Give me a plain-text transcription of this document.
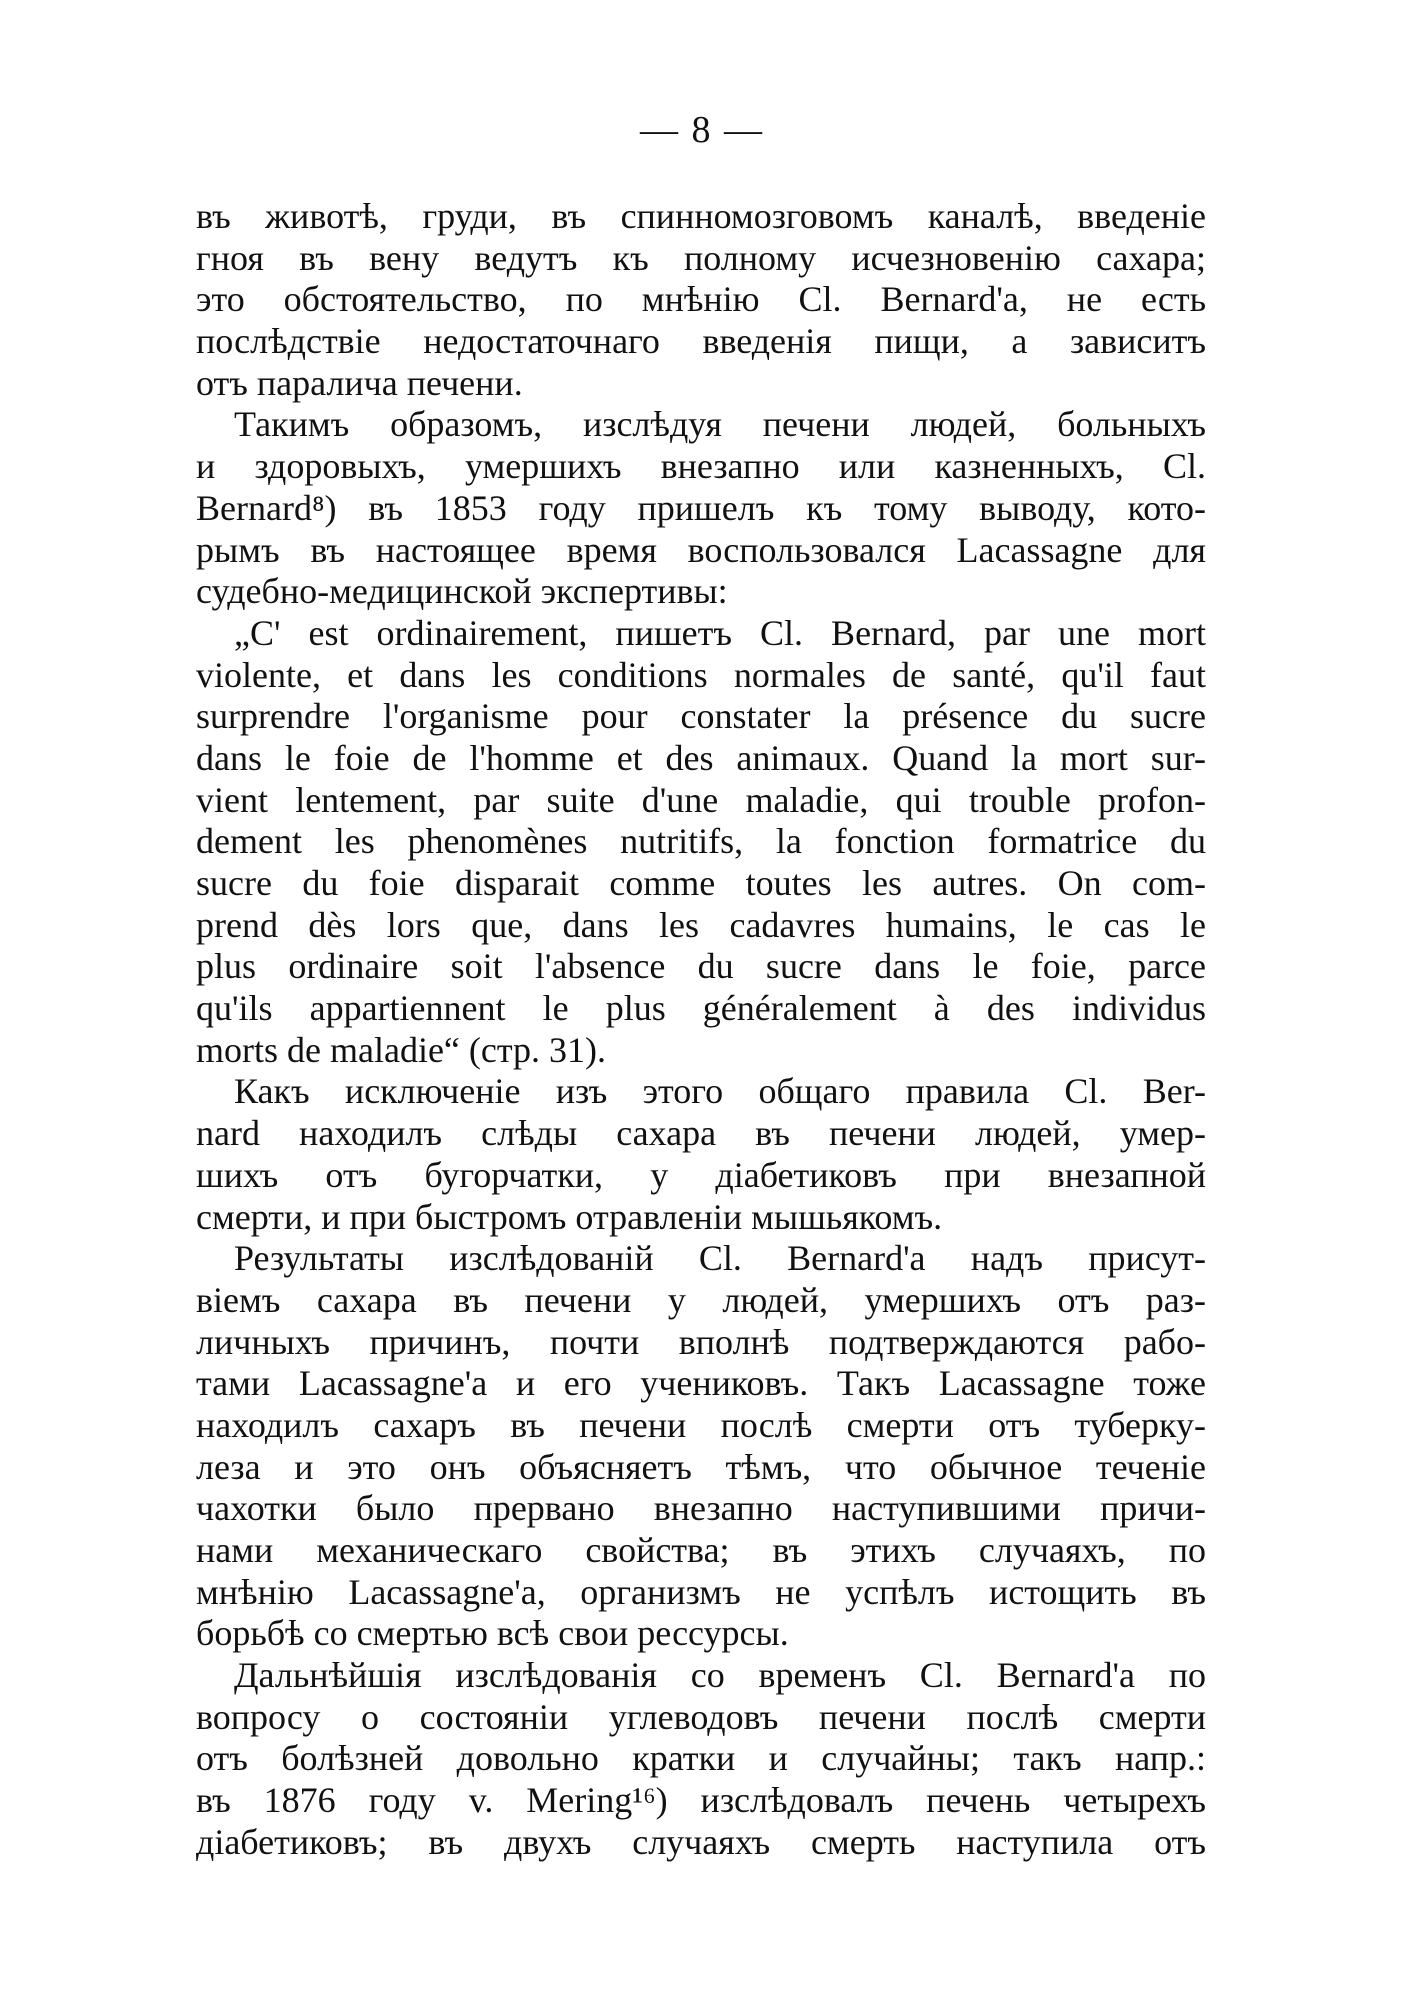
— 8 —
въ животѣ, груди, въ спинномозговомъ каналѣ, введеніе
гноя въ вену ведутъ къ полному исчезновенію сахара;
это обстоятельство, по мнѣнію Cl. Bernard'a, не есть
послѣдствіе недостаточнаго введенія пищи, а зависитъ
отъ паралича печени.
Такимъ образомъ, изслѣдуя печени людей, больныхъ
и здоровыхъ, умершихъ внезапно или казненныхъ, Cl.
Bernard⁸) въ 1853 году пришелъ къ тому выводу, кото-
рымъ въ настоящее время воспользовался Lacassagne для
судебно-медицинской экспертивы:
„C' est ordinairement, пишетъ Cl. Bernard, par une mort
violente, et dans les conditions normales de santé, qu'il faut
surprendre l'organisme pour constater la présence du sucre
dans le foie de l'homme et des animaux. Quand la mort sur-
vient lentement, par suite d'une maladie, qui trouble profon-
dement les phenomènes nutritifs, la fonction formatrice du
sucre du foie disparait comme toutes les autres. On com-
prend dès lors que, dans les cadavres humains, le cas le
plus ordinaire soit l'absence du sucre dans le foie, parce
qu'ils appartiennent le plus généralement à des individus
morts de maladie“ (стр. 31).
Какъ исключеніе изъ этого общаго правила Cl. Ber-
nard находилъ слѣды сахара въ печени людей, умер-
шихъ отъ бугорчатки, у діабетиковъ при внезапной
смерти, и при быстромъ отравленіи мышьякомъ.
Результаты изслѣдованій Cl. Bernard'a надъ присут-
віемъ сахара въ печени у людей, умершихъ отъ раз-
личныхъ причинъ, почти вполнѣ подтверждаются рабо-
тами Lacassagne'a и его учениковъ. Такъ Lacassagne тоже
находилъ сахаръ въ печени послѣ смерти отъ туберку-
леза и это онъ объясняетъ тѣмъ, что обычное теченіе
чахотки было прервано внезапно наступившими причи-
нами механическаго свойства; въ этихъ случаяхъ, по
мнѣнію Lacassagne'a, организмъ не успѣлъ истощить въ
борьбѣ со смертью всѣ свои рессурсы.
Дальнѣйшія изслѣдованія со временъ Cl. Bernard'a по
вопросу о состояніи углеводовъ печени послѣ смерти
отъ болѣзней довольно кратки и случайны; такъ напр.:
въ 1876 году v. Mering¹⁶) изслѣдовалъ печень четырехъ
діабетиковъ; въ двухъ случаяхъ смерть наступила отъ
